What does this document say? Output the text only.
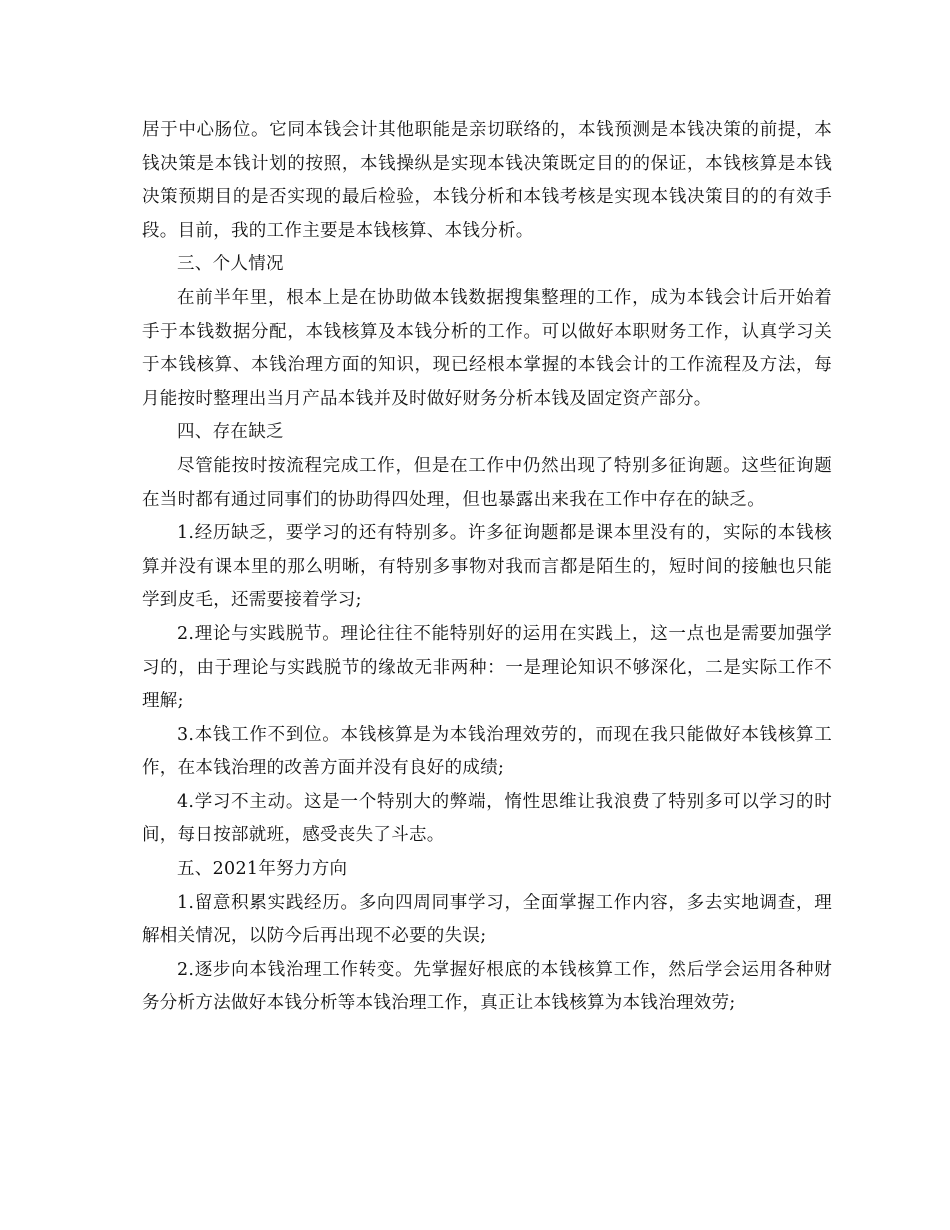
居于中心肠位。它同本钱会计其他职能是亲切联络的，本钱预测是本钱决策的前提，本钱决策是本钱计划的按照，本钱操纵是实现本钱决策既定目的的保证，本钱核算是本钱决策预期目的是否实现的最后检验，本钱分析和本钱考核是实现本钱决策目的的有效手段。目前，我的工作主要是本钱核算、本钱分析。

三、个人情况

在前半年里，根本上是在协助做本钱数据搜集整理的工作，成为本钱会计后开始着手于本钱数据分配，本钱核算及本钱分析的工作。可以做好本职财务工作，认真学习关于本钱核算、本钱治理方面的知识，现已经根本掌握的本钱会计的工作流程及方法，每月能按时整理出当月产品本钱并及时做好财务分析本钱及固定资产部分。

四、存在缺乏

尽管能按时按流程完成工作，但是在工作中仍然出现了特别多征询题。这些征询题在当时都有通过同事们的协助得四处理，但也暴露出来我在工作中存在的缺乏。

1.经历缺乏，要学习的还有特别多。许多征询题都是课本里没有的，实际的本钱核算并没有课本里的那么明晰，有特别多事物对我而言都是陌生的，短时间的接触也只能学到皮毛，还需要接着学习;

2.理论与实践脱节。理论往往不能特别好的运用在实践上，这一点也是需要加强学习的，由于理论与实践脱节的缘故无非两种：一是理论知识不够深化，二是实际工作不理解;

3.本钱工作不到位。本钱核算是为本钱治理效劳的，而现在我只能做好本钱核算工作，在本钱治理的改善方面并没有良好的成绩;

4.学习不主动。这是一个特别大的弊端，惰性思维让我浪费了特别多可以学习的时间，每日按部就班，感受丧失了斗志。

五、2021年努力方向

1.留意积累实践经历。多向四周同事学习，全面掌握工作内容，多去实地调查，理解相关情况，以防今后再出现不必要的失误;

2.逐步向本钱治理工作转变。先掌握好根底的本钱核算工作，然后学会运用各种财务分析方法做好本钱分析等本钱治理工作，真正让本钱核算为本钱治理效劳;
